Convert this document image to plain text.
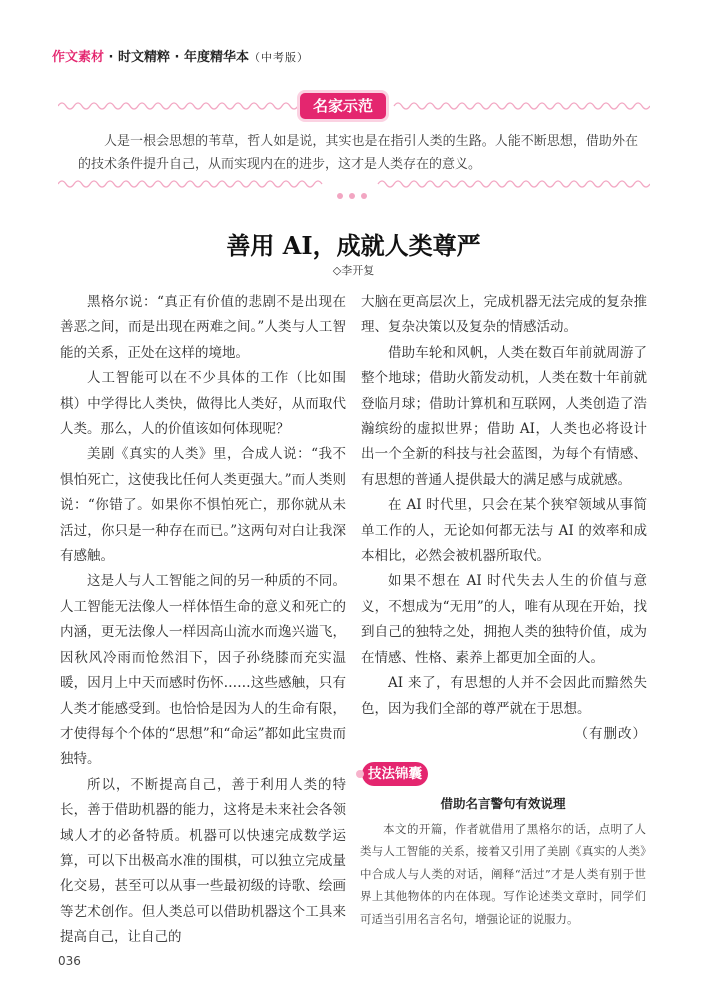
作文素材 · 时文精粹 · 年度精华本（中考版）
名家示范
人是一根会思想的苇草，哲人如是说，其实也是在指引人类的生路。人能不断思想，借助外在的技术条件提升自己，从而实现内在的进步，这才是人类存在的意义。
善用 AI，成就人类尊严
◇李开复

黑格尔说：“真正有价值的悲剧不是出现在善恶之间，而是出现在两难之间。”人类与人工智能的关系，正处在这样的境地。

人工智能可以在不少具体的工作（比如围棋）中学得比人类快，做得比人类好，从而取代人类。那么，人的价值该如何体现呢？

美剧《真实的人类》里，合成人说：“我不惧怕死亡，这使我比任何人类更强大。”而人类则说：“你错了。如果你不惧怕死亡，那你就从未活过，你只是一种存在而已。”这两句对白让我深有感触。

这是人与人工智能之间的另一种质的不同。人工智能无法像人一样体悟生命的意义和死亡的内涵，更无法像人一样因高山流水而逸兴遄飞，因秋风冷雨而怆然泪下，因子孙绕膝而充实温暖，因月上中天而感时伤怀……这些感触，只有人类才能感受到。也恰恰是因为人的生命有限，才使得每个个体的“思想”和“命运”都如此宝贵而独特。

所以，不断提高自己，善于利用人类的特长，善于借助机器的能力，这将是未来社会各领域人才的必备特质。机器可以快速完成数学运算，可以下出极高水准的围棋，可以独立完成量化交易，甚至可以从事一些最初级的诗歌、绘画等艺术创作。但人类总可以借助机器这个工具来提高自己，让自己的

大脑在更高层次上，完成机器无法完成的复杂推理、复杂决策以及复杂的情感活动。

借助车轮和风帆，人类在数百年前就周游了整个地球；借助火箭发动机，人类在数十年前就登临月球；借助计算机和互联网，人类创造了浩瀚缤纷的虚拟世界；借助 AI，人类也必将设计出一个全新的科技与社会蓝图，为每个有情感、有思想的普通人提供最大的满足感与成就感。

在 AI 时代里，只会在某个狭窄领域从事简单工作的人，无论如何都无法与 AI 的效率和成本相比，必然会被机器所取代。

如果不想在 AI 时代失去人生的价值与意义，不想成为“无用”的人，唯有从现在开始，找到自己的独特之处，拥抱人类的独特价值，成为在情感、性格、素养上都更加全面的人。

AI 来了，有思想的人并不会因此而黯然失色，因为我们全部的尊严就在于思想。

（有删改）

技法锦囊
借助名言警句有效说理
本文的开篇，作者就借用了黑格尔的话，点明了人类与人工智能的关系，接着又引用了美剧《真实的人类》中合成人与人类的对话，阐释“活过”才是人类有别于世界上其他物体的内在体现。写作论述类文章时，同学们可适当引用名言名句，增强论证的说服力。
036
